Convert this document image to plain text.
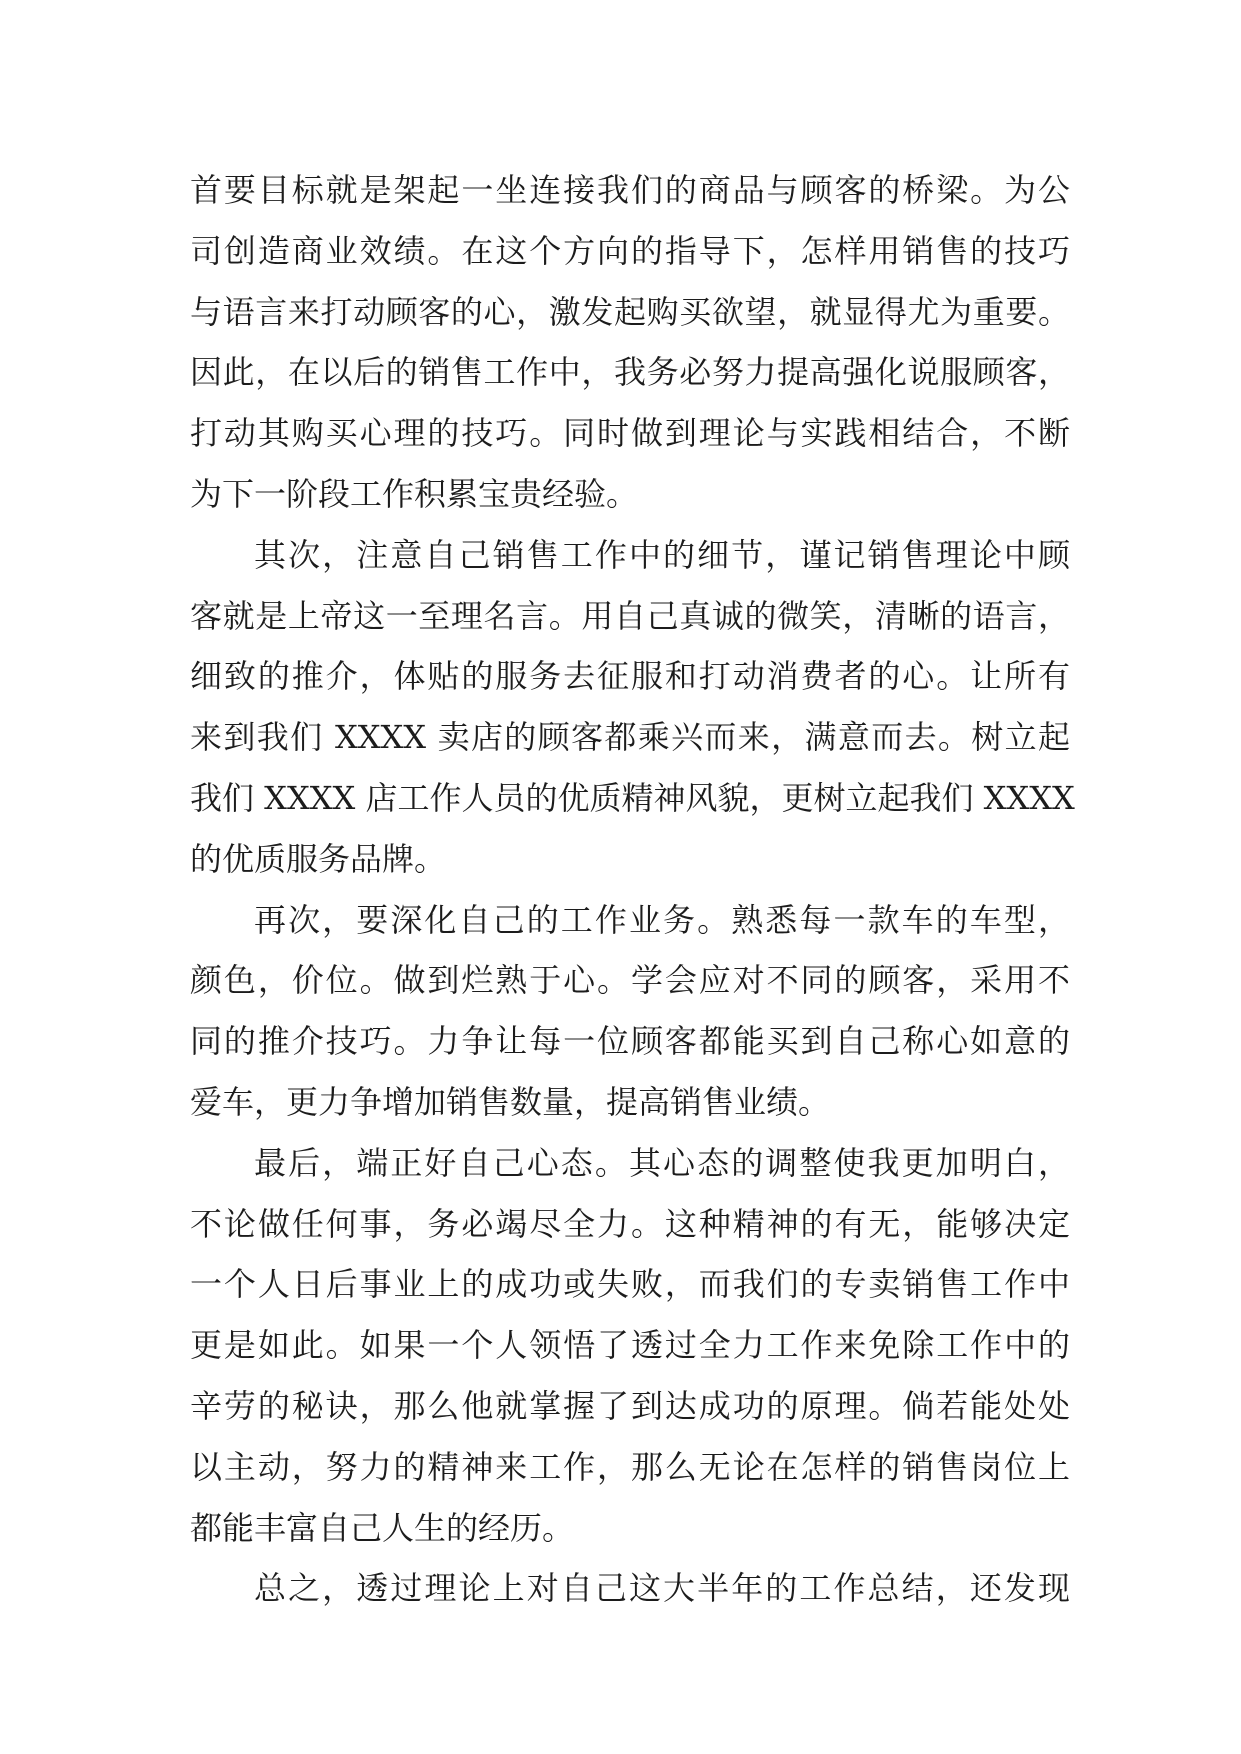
首要目标就是架起一坐连接我们的商品与顾客的桥梁。为公
司创造商业效绩。在这个方向的指导下，怎样用销售的技巧
与语言来打动顾客的心，激发起购买欲望，就显得尤为重要。
因此，在以后的销售工作中，我务必努力提高强化说服顾客，
打动其购买心理的技巧。同时做到理论与实践相结合，不断
为下一阶段工作积累宝贵经验。
其次，注意自己销售工作中的细节，谨记销售理论中顾
客就是上帝这一至理名言。用自己真诚的微笑，清晰的语言，
细致的推介，体贴的服务去征服和打动消费者的心。让所有
来到我们 XXXX 卖店的顾客都乘兴而来，满意而去。树立起
我们 XXXX 店工作人员的优质精神风貌，更树立起我们 XXXX
的优质服务品牌。
再次，要深化自己的工作业务。熟悉每一款车的车型，
颜色，价位。做到烂熟于心。学会应对不同的顾客，采用不
同的推介技巧。力争让每一位顾客都能买到自己称心如意的
爱车，更力争增加销售数量，提高销售业绩。
最后，端正好自己心态。其心态的调整使我更加明白，
不论做任何事，务必竭尽全力。这种精神的有无，能够决定
一个人日后事业上的成功或失败，而我们的专卖销售工作中
更是如此。如果一个人领悟了透过全力工作来免除工作中的
辛劳的秘诀，那么他就掌握了到达成功的原理。倘若能处处
以主动，努力的精神来工作，那么无论在怎样的销售岗位上
都能丰富自己人生的经历。
总之，透过理论上对自己这大半年的工作总结，还发现
